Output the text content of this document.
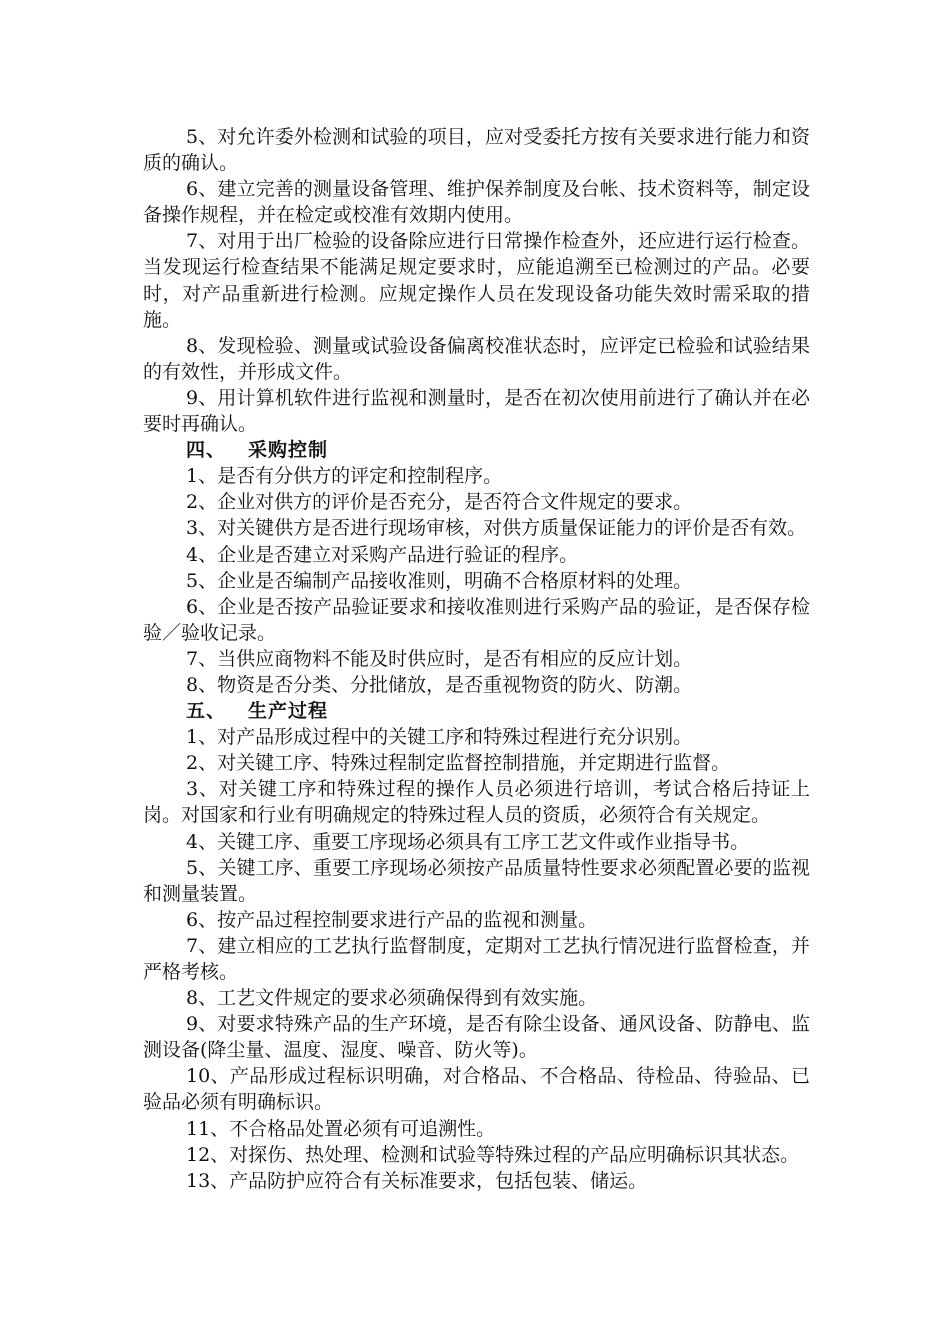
5、对允许委外检测和试验的项目，应对受委托方按有关要求进行能力和资质的确认。

6、建立完善的测量设备管理、维护保养制度及台帐、技术资料等，制定设备操作规程，并在检定或校准有效期内使用。

7、对用于出厂检验的设备除应进行日常操作检查外，还应进行运行检查。当发现运行检查结果不能满足规定要求时，应能追溯至已检测过的产品。必要时，对产品重新进行检测。应规定操作人员在发现设备功能失效时需采取的措施。

8、发现检验、测量或试验设备偏离校准状态时，应评定已检验和试验结果的有效性，并形成文件。

9、用计算机软件进行监视和测量时，是否在初次使用前进行了确认并在必要时再确认。

四、 采购控制

1、是否有分供方的评定和控制程序。

2、企业对供方的评价是否充分，是否符合文件规定的要求。

3、对关键供方是否进行现场审核，对供方质量保证能力的评价是否有效。

4、企业是否建立对采购产品进行验证的程序。

5、企业是否编制产品接收准则，明确不合格原材料的处理。

6、企业是否按产品验证要求和接收准则进行采购产品的验证，是否保存检验／验收记录。

7、当供应商物料不能及时供应时，是否有相应的反应计划。

8、物资是否分类、分批储放，是否重视物资的防火、防潮。

五、 生产过程

1、对产品形成过程中的关键工序和特殊过程进行充分识别。

2、对关键工序、特殊过程制定监督控制措施，并定期进行监督。

3、对关键工序和特殊过程的操作人员必须进行培训，考试合格后持证上岗。对国家和行业有明确规定的特殊过程人员的资质，必须符合有关规定。

4、关键工序、重要工序现场必须具有工序工艺文件或作业指导书。

5、关键工序、重要工序现场必须按产品质量特性要求必须配置必要的监视和测量装置。

6、按产品过程控制要求进行产品的监视和测量。

7、建立相应的工艺执行监督制度，定期对工艺执行情况进行监督检查，并严格考核。

8、工艺文件规定的要求必须确保得到有效实施。

9、对要求特殊产品的生产环境，是否有除尘设备、通风设备、防静电、监测设备(降尘量、温度、湿度、噪音、防火等)。

10、产品形成过程标识明确，对合格品、不合格品、待检品、待验品、已验品必须有明确标识。

11、不合格品处置必须有可追溯性。

12、对探伤、热处理、检测和试验等特殊过程的产品应明确标识其状态。

13、产品防护应符合有关标准要求，包括包装、储运。
